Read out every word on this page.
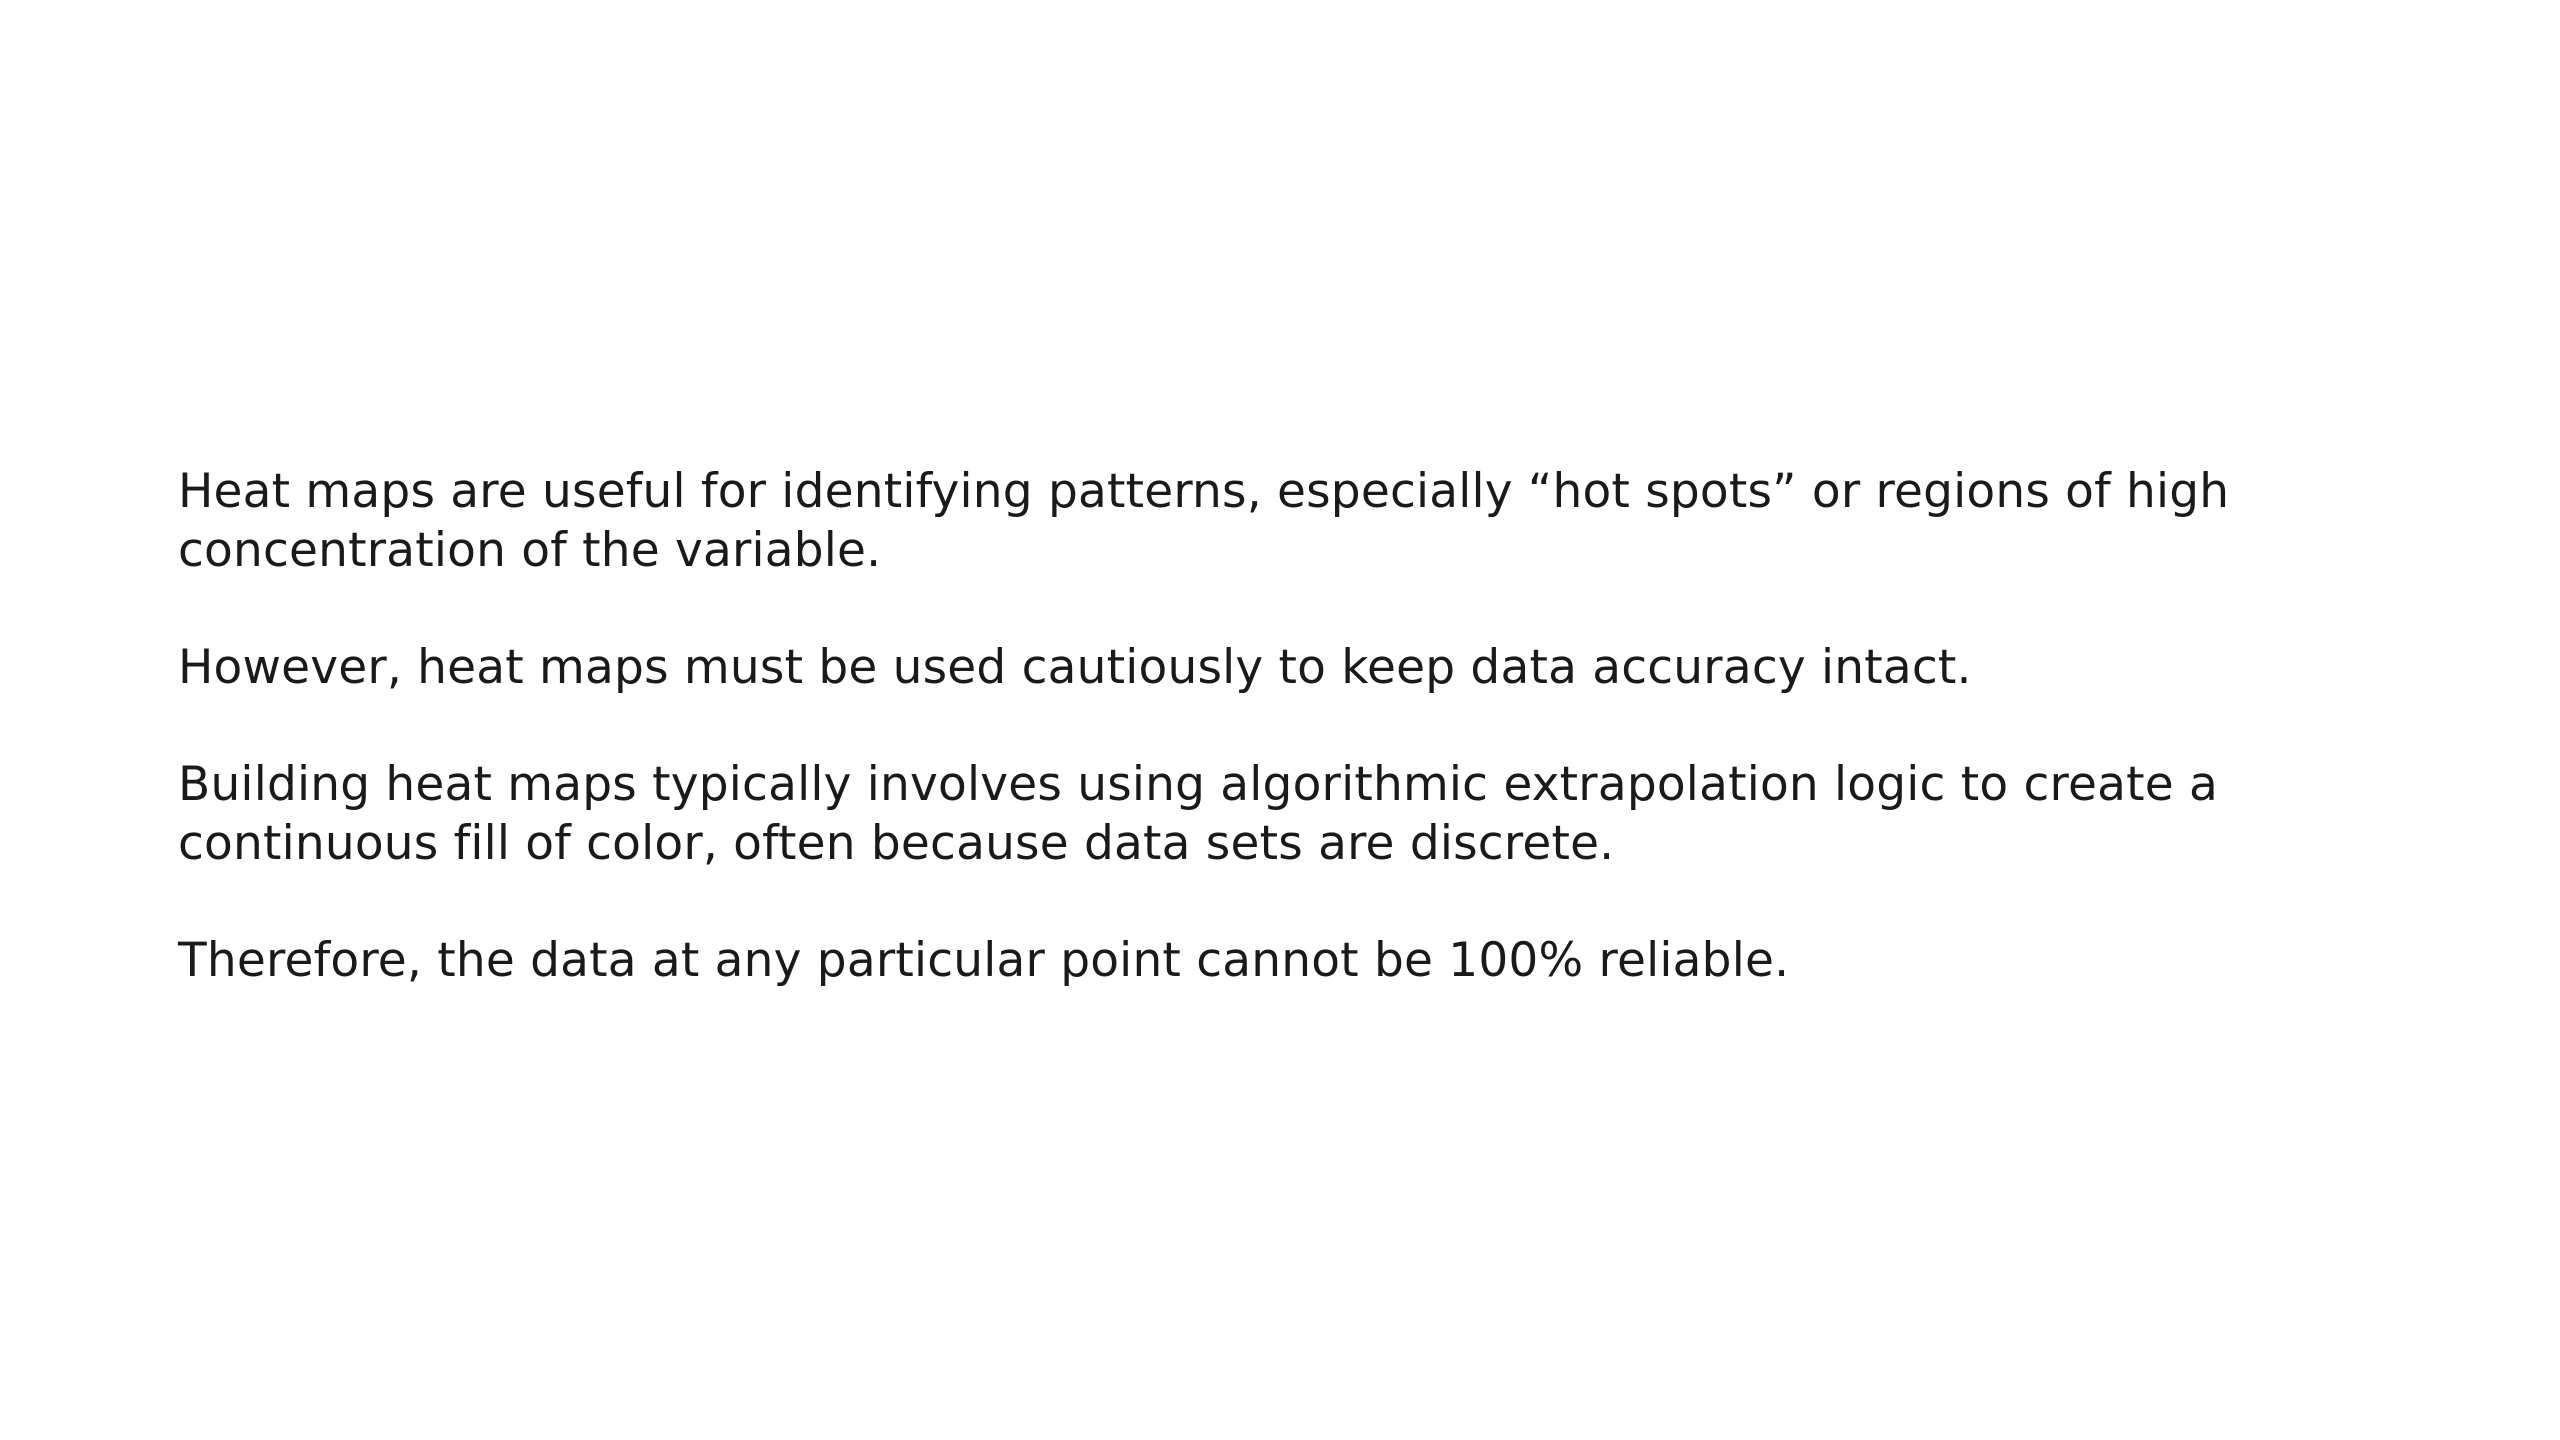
Heat maps are useful for identifying patterns, especially “hot spots” or regions of high
concentration of the variable.

However, heat maps must be used cautiously to keep data accuracy intact.

Building heat maps typically involves using algorithmic extrapolation logic to create a
continuous fill of color, often because data sets are discrete.

Therefore, the data at any particular point cannot be 100% reliable.
